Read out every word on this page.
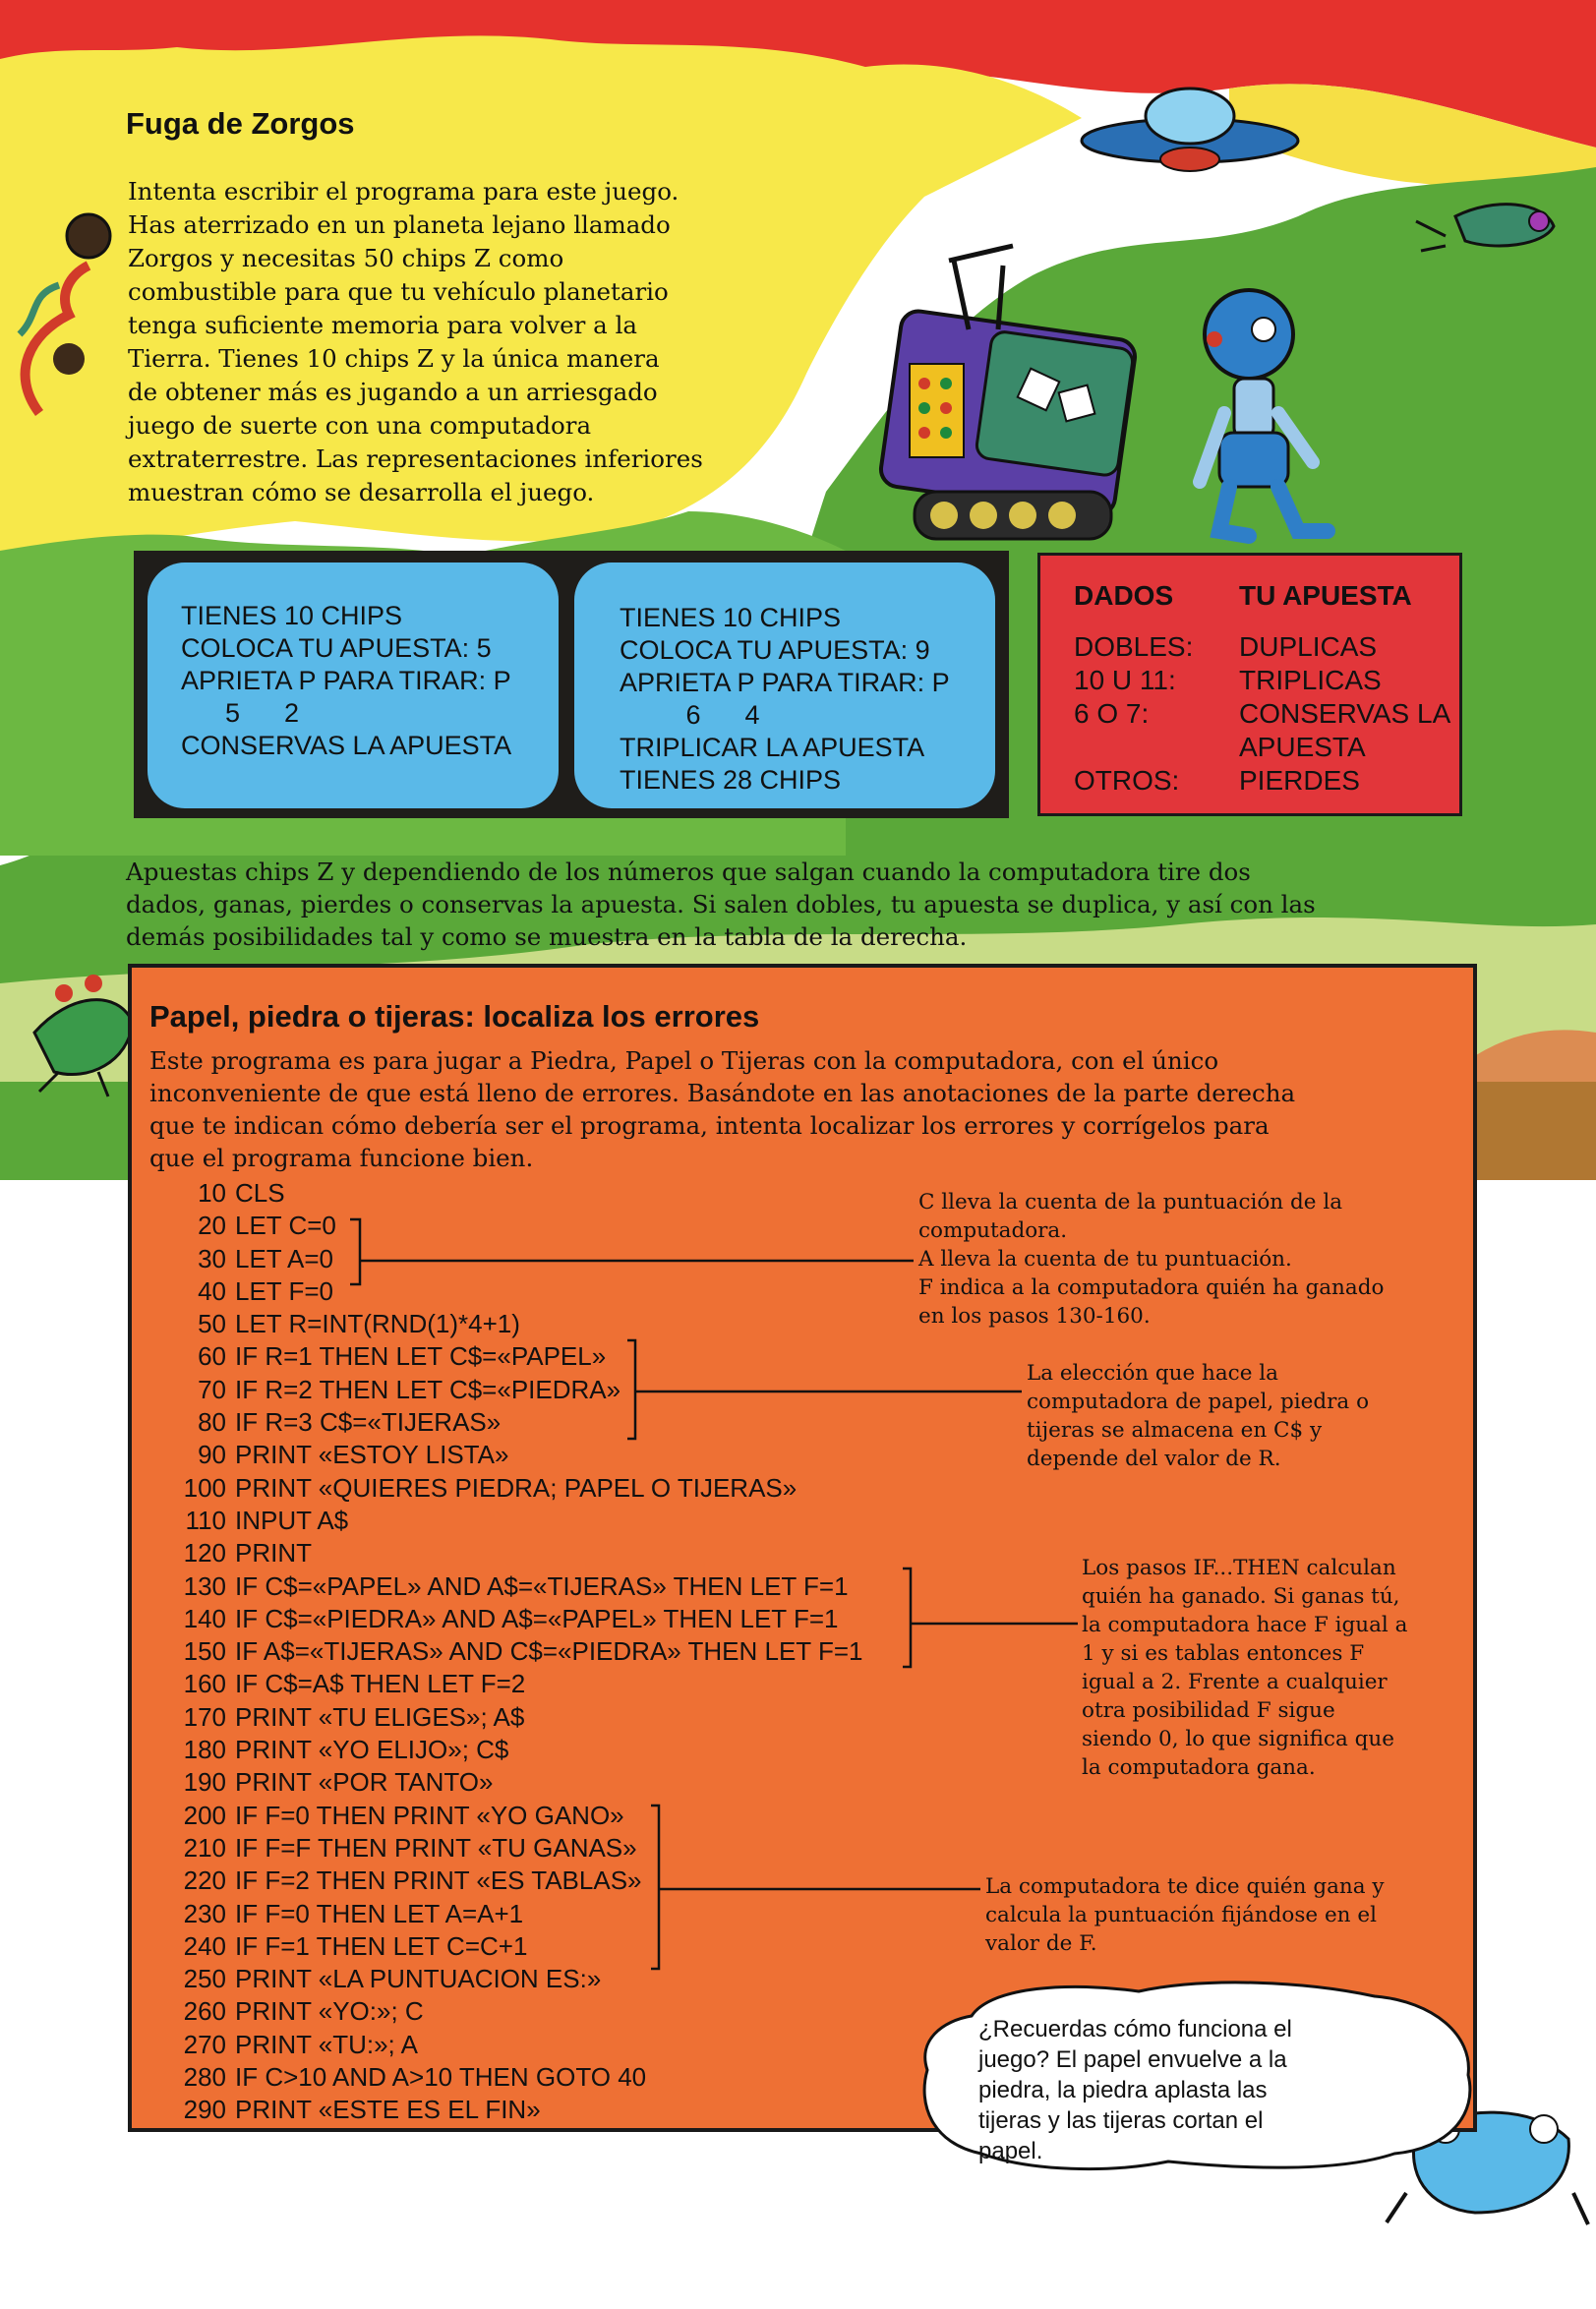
Fuga de Zorgos
Intenta escribir el programa para este juego.
Has aterrizado en un planeta lejano llamado
Zorgos y necesitas 50 chips Z como
combustible para que tu vehículo planetario
tenga suficiente memoria para volver a la
Tierra. Tienes 10 chips Z y la única manera
de obtener más es jugando a un arriesgado
juego de suerte con una computadora
extraterrestre. Las representaciones inferiores
muestran cómo se desarrolla el juego.
TIENES 10 CHIPS
COLOCA TU APUESTA: 5
APRIETA P PARA TIRAR: P
5      2
CONSERVAS LA APUESTA
TIENES 10 CHIPS
COLOCA TU APUESTA: 9
APRIETA P PARA TIRAR: P
6      4
TRIPLICAR LA APUESTA
TIENES 28 CHIPS
DADOS TU APUESTA
DOBLES:
10 U 11:
6 O 7:

OTROS:
DUPLICAS
TRIPLICAS
CONSERVAS LA
APUESTA
PIERDES
Apuestas chips Z y dependiendo de los números que salgan cuando la computadora tire dos
dados, ganas, pierdes o conservas la apuesta. Si salen dobles, tu apuesta se duplica, y así con las
demás posibilidades tal y como se muestra en la tabla de la derecha.
Papel, piedra o tijeras: localiza los errores
Este programa es para jugar a Piedra, Papel o Tijeras con la computadora, con el único
inconveniente de que está lleno de errores. Basándote en las anotaciones de la parte derecha
que te indican cómo debería ser el programa, intenta localizar los errores y corrígelos para
que el programa funcione bien.
10 CLS
20 LET C=0
30 LET A=0
40 LET F=0
50 LET R=INT(RND(1)*4+1)
60 IF R=1 THEN LET C$=«PAPEL»
70 IF R=2 THEN LET C$=«PIEDRA»
80 IF R=3 C$=«TIJERAS»
90 PRINT «ESTOY LISTA»
100 PRINT «QUIERES PIEDRA; PAPEL O TIJERAS»
110 INPUT A$
120 PRINT
130 IF C$=«PAPEL» AND A$=«TIJERAS» THEN LET F=1
140 IF C$=«PIEDRA» AND A$=«PAPEL» THEN LET F=1
150 IF A$=«TIJERAS» AND C$=«PIEDRA» THEN LET F=1
160 IF C$=A$ THEN LET F=2
170 PRINT «TU ELIGES»; A$
180 PRINT «YO ELIJO»; C$
190 PRINT «POR TANTO»
200 IF F=0 THEN PRINT «YO GANO»
210 IF F=F THEN PRINT «TU GANAS»
220 IF F=2 THEN PRINT «ES TABLAS»
230 IF F=0 THEN LET A=A+1
240 IF F=1 THEN LET C=C+1
250 PRINT «LA PUNTUACION ES:»
260 PRINT «YO:»; C
270 PRINT «TU:»; A
280 IF C>10 AND A>10 THEN GOTO 40
290 PRINT «ESTE ES EL FIN»
C lleva la cuenta de la puntuación de la
computadora.
A lleva la cuenta de tu puntuación.
F indica a la computadora quién ha ganado
en los pasos 130-160.
La elección que hace la
computadora de papel, piedra o
tijeras se almacena en C$ y
depende del valor de R.
Los pasos IF...THEN calculan
quién ha ganado. Si ganas tú,
la computadora hace F igual a
1 y si es tablas entonces F
igual a 2. Frente a cualquier
otra posibilidad F sigue
siendo 0, lo que significa que
la computadora gana.
La computadora te dice quién gana y
calcula la puntuación fijándose en el
valor de F.
¿Recuerdas cómo funciona el
juego? El papel envuelve a la
piedra, la piedra aplasta las
tijeras y las tijeras cortan el
papel.
